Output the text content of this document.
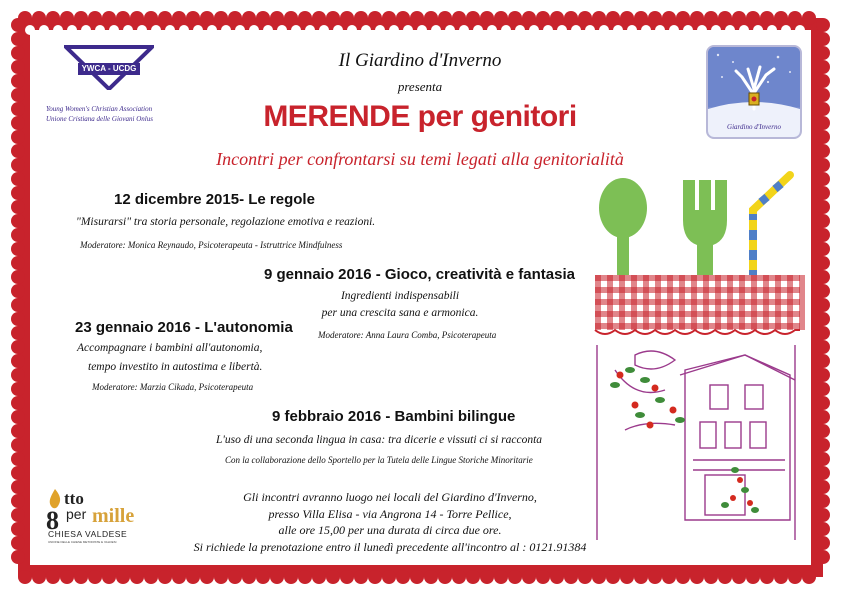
YWCA - UCDG
Young Women's Christian Association
Unione Cristiana delle Giovani Onlus
Giardino d'Inverno
Il Giardino d'Inverno
presenta
MERENDE per genitori
Incontri per confrontarsi su temi legati alla genitorialità
12 dicembre 2015- Le regole
"Misurarsi" tra storia personale, regolazione emotiva e reazioni.
Moderatore: Monica Reynaudo, Psicoterapeuta - Istruttrice Mindfulness
9 gennaio 2016 - Gioco, creatività e fantasia
Ingredienti indispensabili
per una crescita sana e armonica.
Moderatore: Anna Laura Comba, Psicoterapeuta
23 gennaio 2016 - L'autonomia
Accompagnare i bambini all'autonomia,
tempo investito in autostima e libertà.
Moderatore: Marzia Cikada, Psicoterapeuta
9 febbraio 2016 - Bambini bilingue
L'uso di una seconda lingua in casa: tra dicerie e vissuti ci si racconta
Con la collaborazione dello Sportello per la Tutela delle Lingue Storiche Minoritarie
Gli incontri avranno luogo nei locali del Giardino d'Inverno,
presso Villa Elisa - via Angrona 14 - Torre Pellice,
alle ore 15,00 per una durata di circa due ore.
Si richiede la prenotazione entro il lunedì precedente all'incontro al : 0121.91384
8
tto
per mille
CHIESA VALDESE
UNIONE DELLE CHIESE METODISTE E VALDESI
